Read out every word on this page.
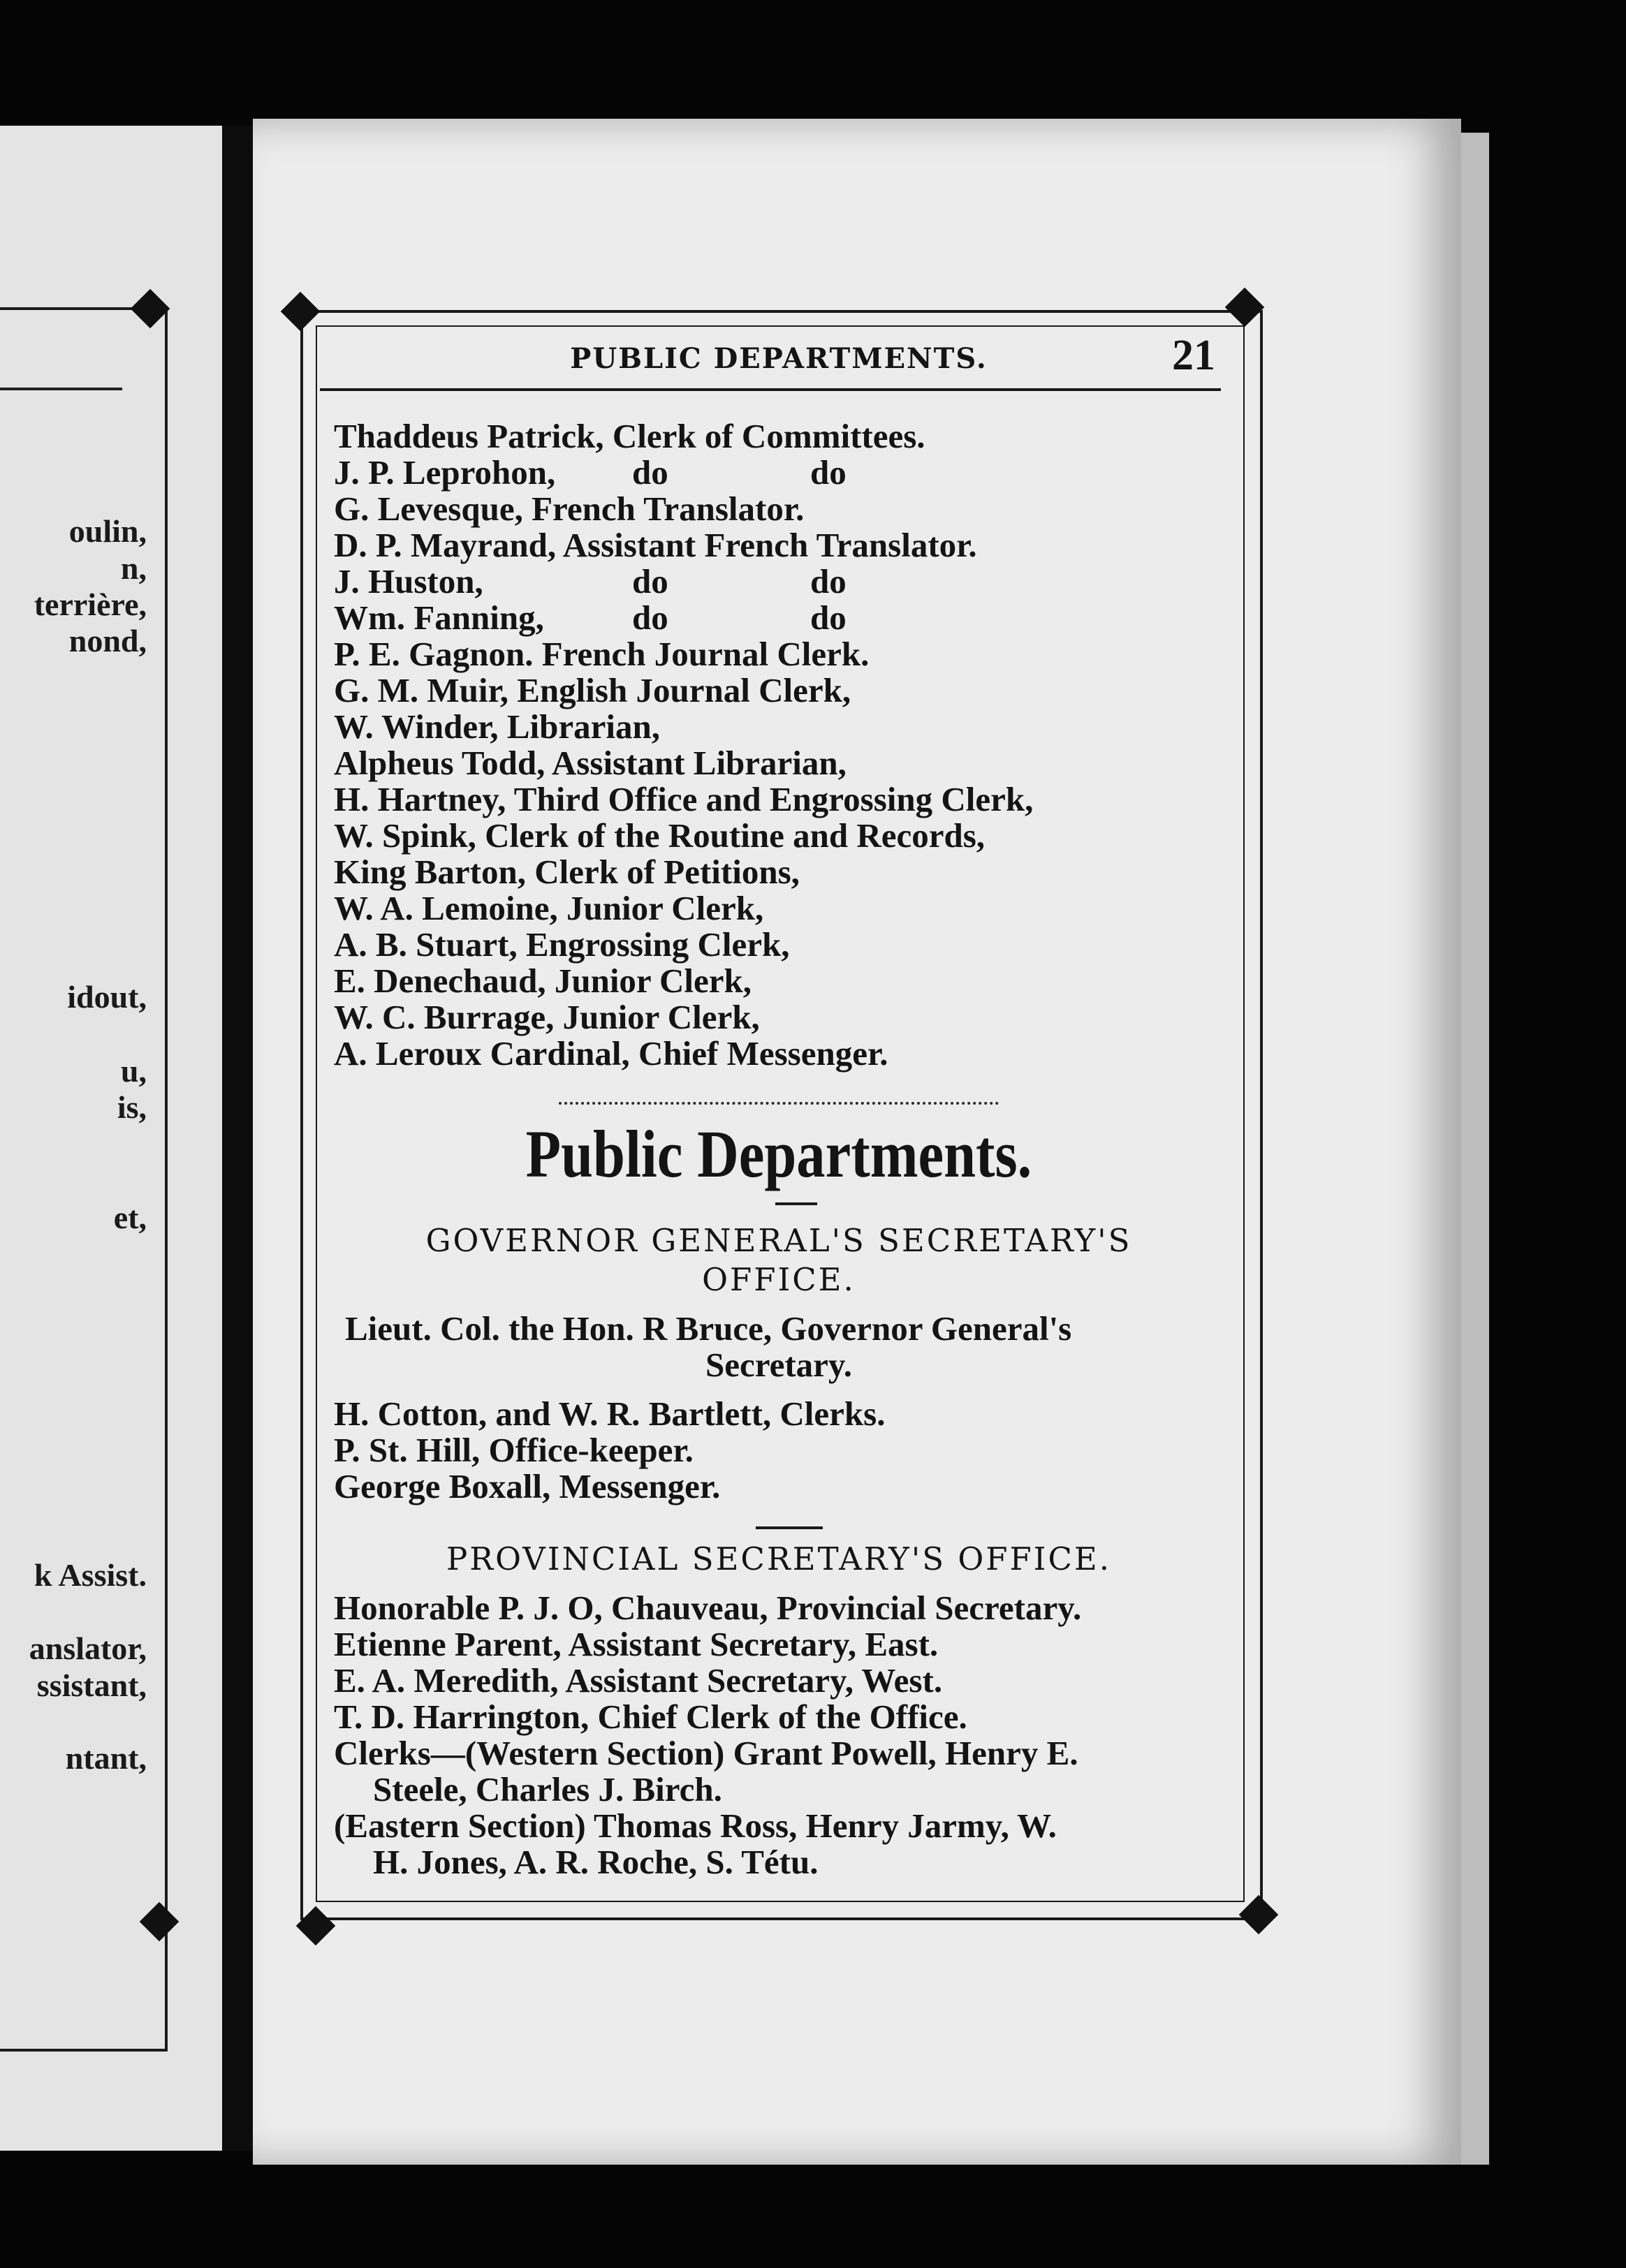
oulin,
n,
terrière,
nond,
idout,
u,
is,
et,
k Assist.
anslator,
ssistant,
ntant,
PUBLIC DEPARTMENTS.	21
Thaddeus Patrick, Clerk of Committees.
J. P. Leprohon, do	do
G. Levesque, French Translator.
D. P. Mayrand, Assistant French Translator.
J. Huston,	do	do
Wm. Fanning,	do	do
P. E. Gagnon. French Journal Clerk.
G. M. Muir, English Journal Clerk,
W. Winder, Librarian,
Alpheus Todd, Assistant Librarian,
H. Hartney, Third Office and Engrossing Clerk,
W. Spink, Clerk of the Routine and Records,
King Barton, Clerk of Petitions,
W. A. Lemoine, Junior Clerk,
A. B. Stuart, Engrossing Clerk,
E. Denechaud, Junior Clerk,
W. C. Burrage, Junior Clerk,
A. Leroux Cardinal, Chief Messenger.
Public Departments.
GOVERNOR GENERAL'S SECRETARY'S
OFFICE.
Lieut. Col. the Hon. R Bruce, Governor General's
Secretary.
H. Cotton, and W. R. Bartlett, Clerks.
P. St. Hill, Office-keeper.
George Boxall, Messenger.
PROVINCIAL SECRETARY'S OFFICE.
Honorable P. J. O, Chauveau, Provincial Secretary.
Etienne Parent, Assistant Secretary, East.
E. A. Meredith, Assistant Secretary, West.
T. D. Harrington, Chief Clerk of the Office.
Clerks—(Western Section) Grant Powell, Henry E.
Steele, Charles J. Birch.
(Eastern Section) Thomas Ross, Henry Jarmy, W.
H. Jones, A. R. Roche, S. Tétu.
